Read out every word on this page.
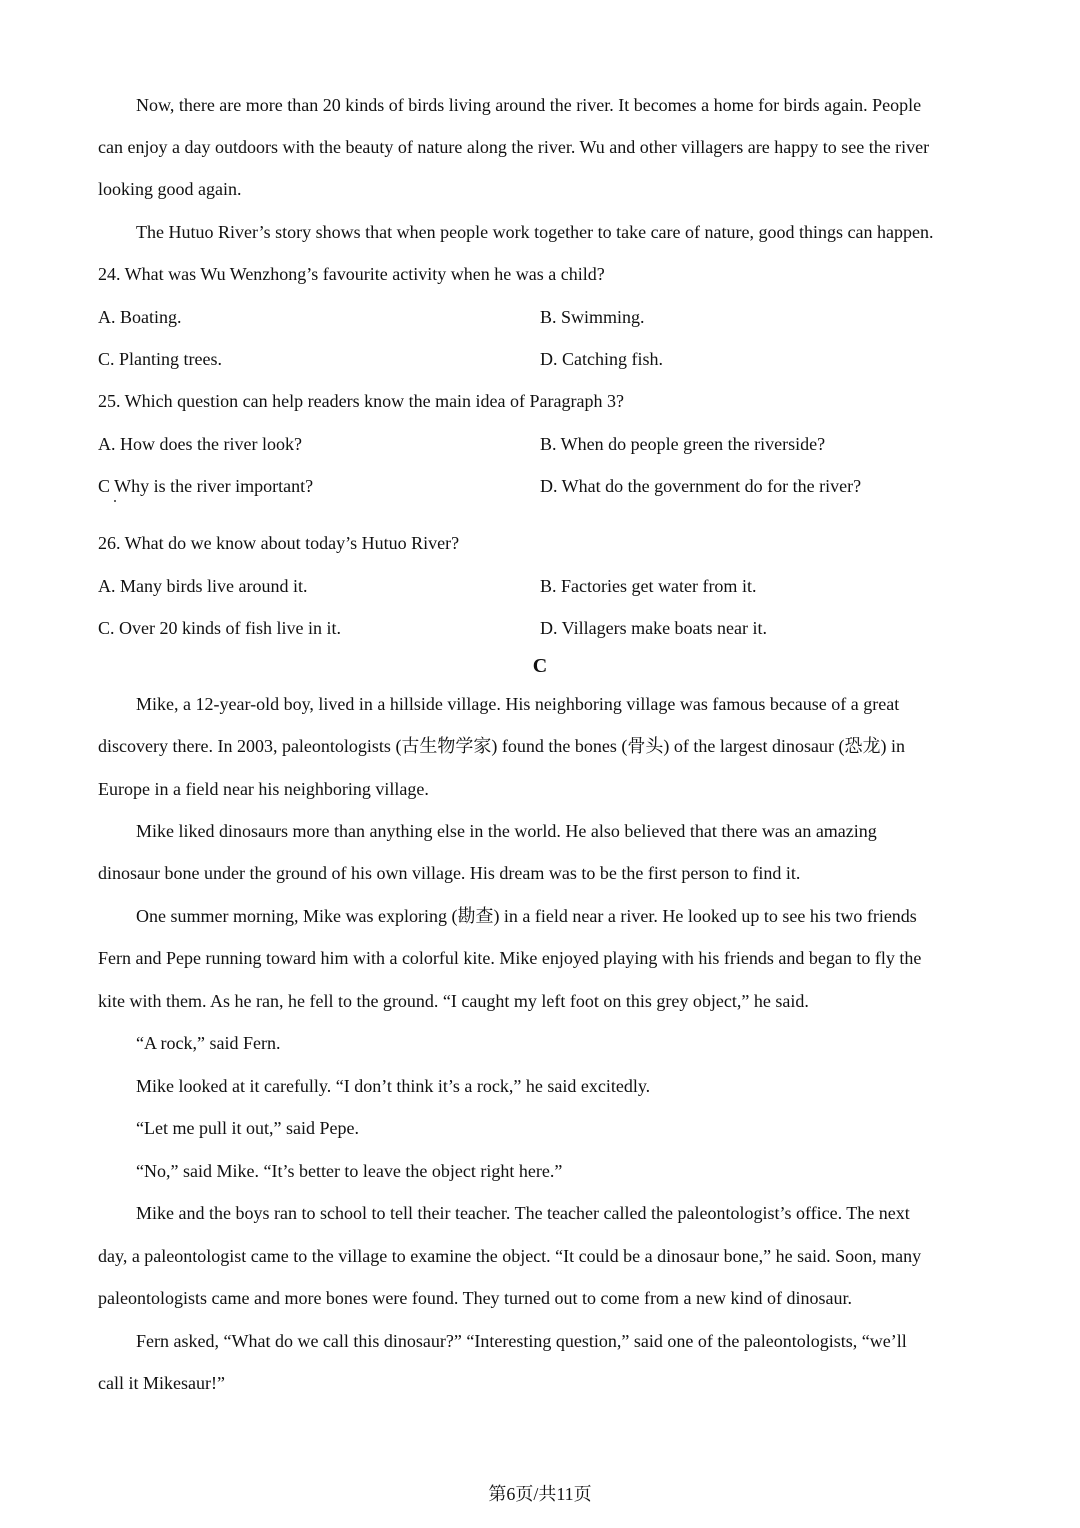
Now, there are more than 20 kinds of birds living around the river. It becomes a home for birds again. People
can enjoy a day outdoors with the beauty of nature along the river. Wu and other villagers are happy to see the river
looking good again.
The Hutuo River’s story shows that when people work together to take care of nature, good things can happen.
24. What was Wu Wenzhong’s favourite activity when he was a child?
A. Boating.	B. Swimming.
C. Planting trees.	D. Catching fish.
25. Which question can help readers know the main idea of Paragraph 3?
A. How does the river look?	B. When do people green the riverside?
C Why is the river important?	D. What do the government do for the river?
26. What do we know about today’s Hutuo River?
A. Many birds live around it.	B. Factories get water from it.
C. Over 20 kinds of fish live in it.	D. Villagers make boats near it.
C
Mike, a 12-year-old boy, lived in a hillside village. His neighboring village was famous because of a great
discovery there. In 2003, paleontologists (古生物学家) found the bones (骨头) of the largest dinosaur (恐龙) in
Europe in a field near his neighboring village.
Mike liked dinosaurs more than anything else in the world. He also believed that there was an amazing
dinosaur bone under the ground of his own village. His dream was to be the first person to find it.
One summer morning, Mike was exploring (勘查) in a field near a river. He looked up to see his two friends
Fern and Pepe running toward him with a colorful kite. Mike enjoyed playing with his friends and began to fly the
kite with them. As he ran, he fell to the ground. “I caught my left foot on this grey object,” he said.
“A rock,” said Fern.
Mike looked at it carefully. “I don’t think it’s a rock,” he said excitedly.
“Let me pull it out,” said Pepe.
“No,” said Mike. “It’s better to leave the object right here.”
Mike and the boys ran to school to tell their teacher. The teacher called the paleontologist’s office. The next
day, a paleontologist came to the village to examine the object. “It could be a dinosaur bone,” he said. Soon, many
paleontologists came and more bones were found. They turned out to come from a new kind of dinosaur.
Fern asked, “What do we call this dinosaur?” “Interesting question,” said one of the paleontologists, “we’ll
call it Mikesaur!”
第6页/共11页
